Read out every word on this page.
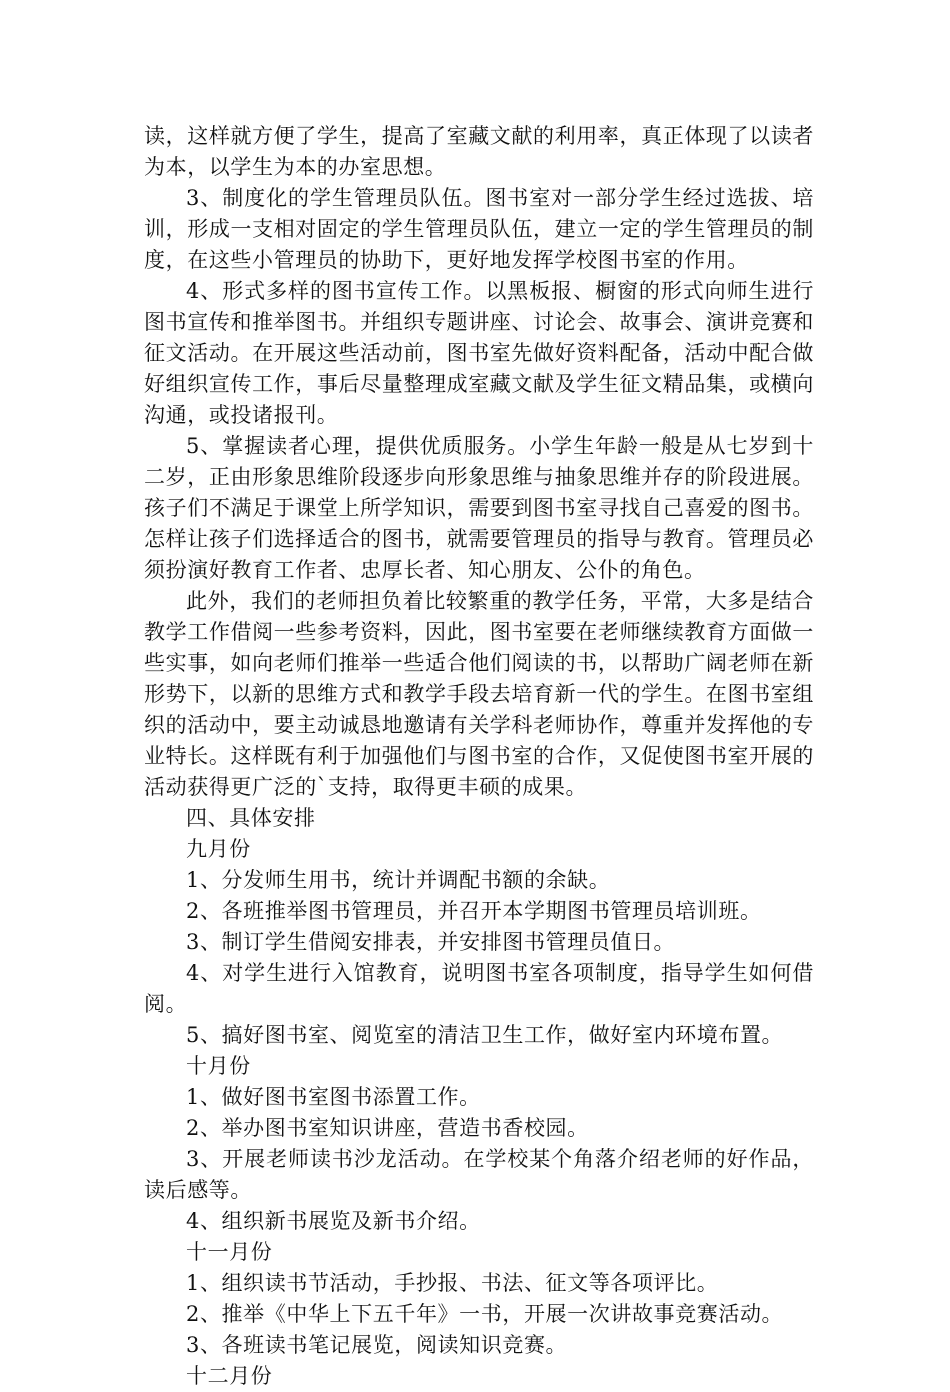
读，这样就方便了学生，提高了室藏文献的利用率，真正体现了以读者为本，以学生为本的办室思想。

3、制度化的学生管理员队伍。图书室对一部分学生经过选拔、培训，形成一支相对固定的学生管理员队伍，建立一定的学生管理员的制度，在这些小管理员的协助下，更好地发挥学校图书室的作用。

4、形式多样的图书宣传工作。以黑板报、橱窗的形式向师生进行图书宣传和推举图书。并组织专题讲座、讨论会、故事会、演讲竞赛和征文活动。在开展这些活动前，图书室先做好资料配备，活动中配合做好组织宣传工作，事后尽量整理成室藏文献及学生征文精品集，或横向沟通，或投诸报刊。

5、掌握读者心理，提供优质服务。小学生年龄一般是从七岁到十二岁，正由形象思维阶段逐步向形象思维与抽象思维并存的阶段进展。孩子们不满足于课堂上所学知识，需要到图书室寻找自己喜爱的图书。怎样让孩子们选择适合的图书，就需要管理员的指导与教育。管理员必须扮演好教育工作者、忠厚长者、知心朋友、公仆的角色。

此外，我们的老师担负着比较繁重的教学任务，平常，大多是结合教学工作借阅一些参考资料，因此，图书室要在老师继续教育方面做一些实事，如向老师们推举一些适合他们阅读的书，以帮助广阔老师在新形势下，以新的思维方式和教学手段去培育新一代的学生。在图书室组织的活动中，要主动诚恳地邀请有关学科老师协作，尊重并发挥他的专业特长。这样既有利于加强他们与图书室的合作，又促使图书室开展的活动获得更广泛的`支持，取得更丰硕的成果。

四、具体安排

九月份

1、分发师生用书，统计并调配书额的余缺。

2、各班推举图书管理员，并召开本学期图书管理员培训班。

3、制订学生借阅安排表，并安排图书管理员值日。

4、对学生进行入馆教育，说明图书室各项制度，指导学生如何借阅。

5、搞好图书室、阅览室的清洁卫生工作，做好室内环境布置。

十月份

1、做好图书室图书添置工作。

2、举办图书室知识讲座，营造书香校园。

3、开展老师读书沙龙活动。在学校某个角落介绍老师的好作品，读后感等。

4、组织新书展览及新书介绍。

十一月份

1、组织读书节活动，手抄报、书法、征文等各项评比。

2、推举《中华上下五千年》一书，开展一次讲故事竞赛活动。

3、各班读书笔记展览，阅读知识竞赛。

十二月份
